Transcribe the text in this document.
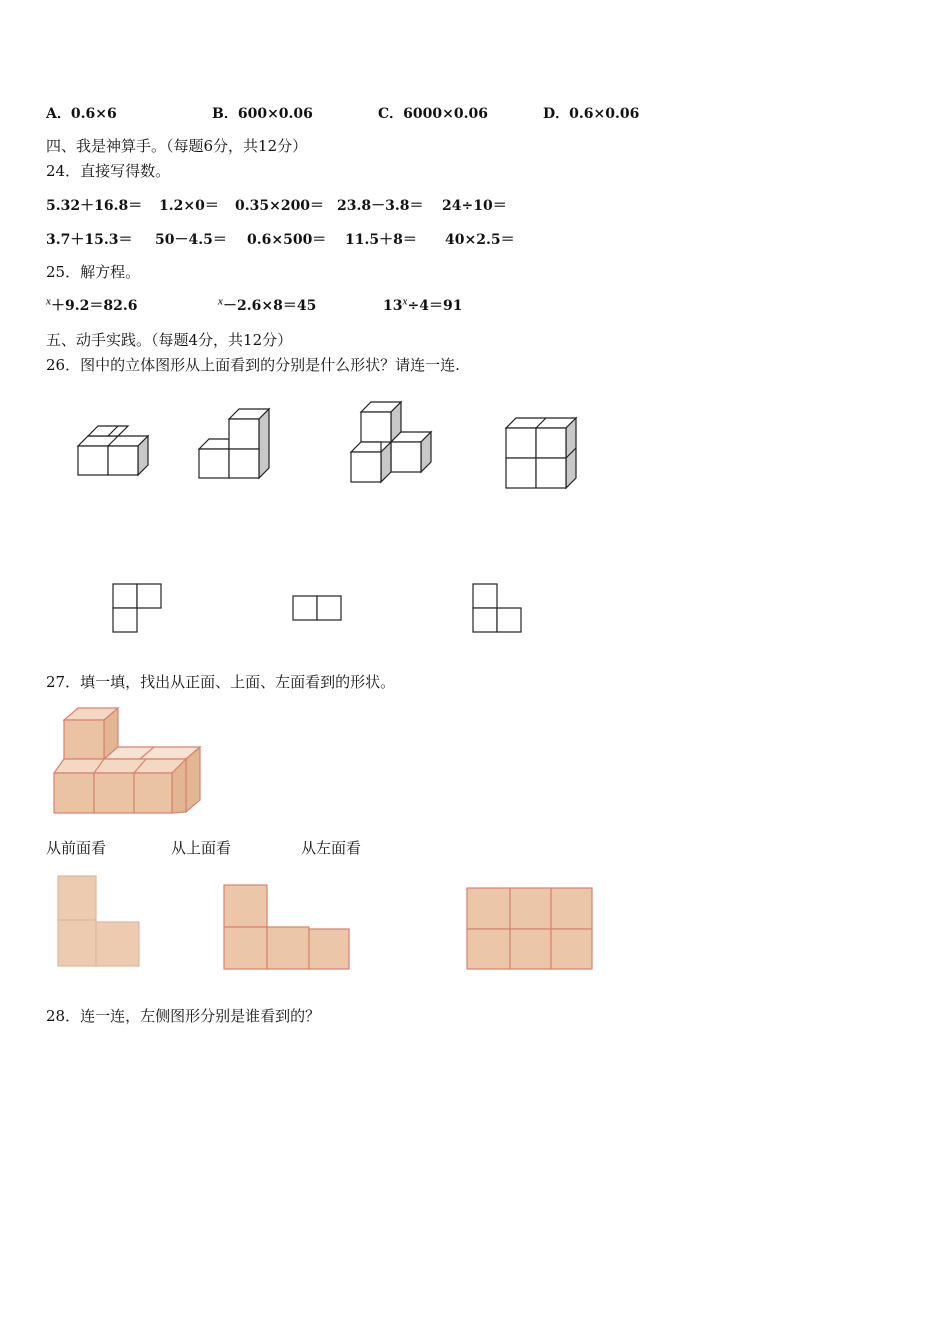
A．0.6×6	B．600×0.06	C．6000×0.06	D．0.6×0.06
四、我是神算手。（每题6分，共12分）
24．直接写得数。
5.32＋16.8＝ 1.2×0＝ 0.35×200＝ 23.8－3.8＝ 24÷10＝
3.7＋15.3＝ 50－4.5＝ 0.6×500＝ 11.5＋8＝ 40×2.5＝
25．解方程。
$^x$＋9.2＝82.6	$^x$－2.6×8＝45	$13^x\div 4=91$
五、动手实践。（每题4分，共12分）
26．图中的立体图形从上面看到的分别是什么形状？请连一连.
27．填一填，找出从正面、上面、左面看到的形状。
从前面看	从上面看	从左面看
28．连一连，左侧图形分别是谁看到的？
